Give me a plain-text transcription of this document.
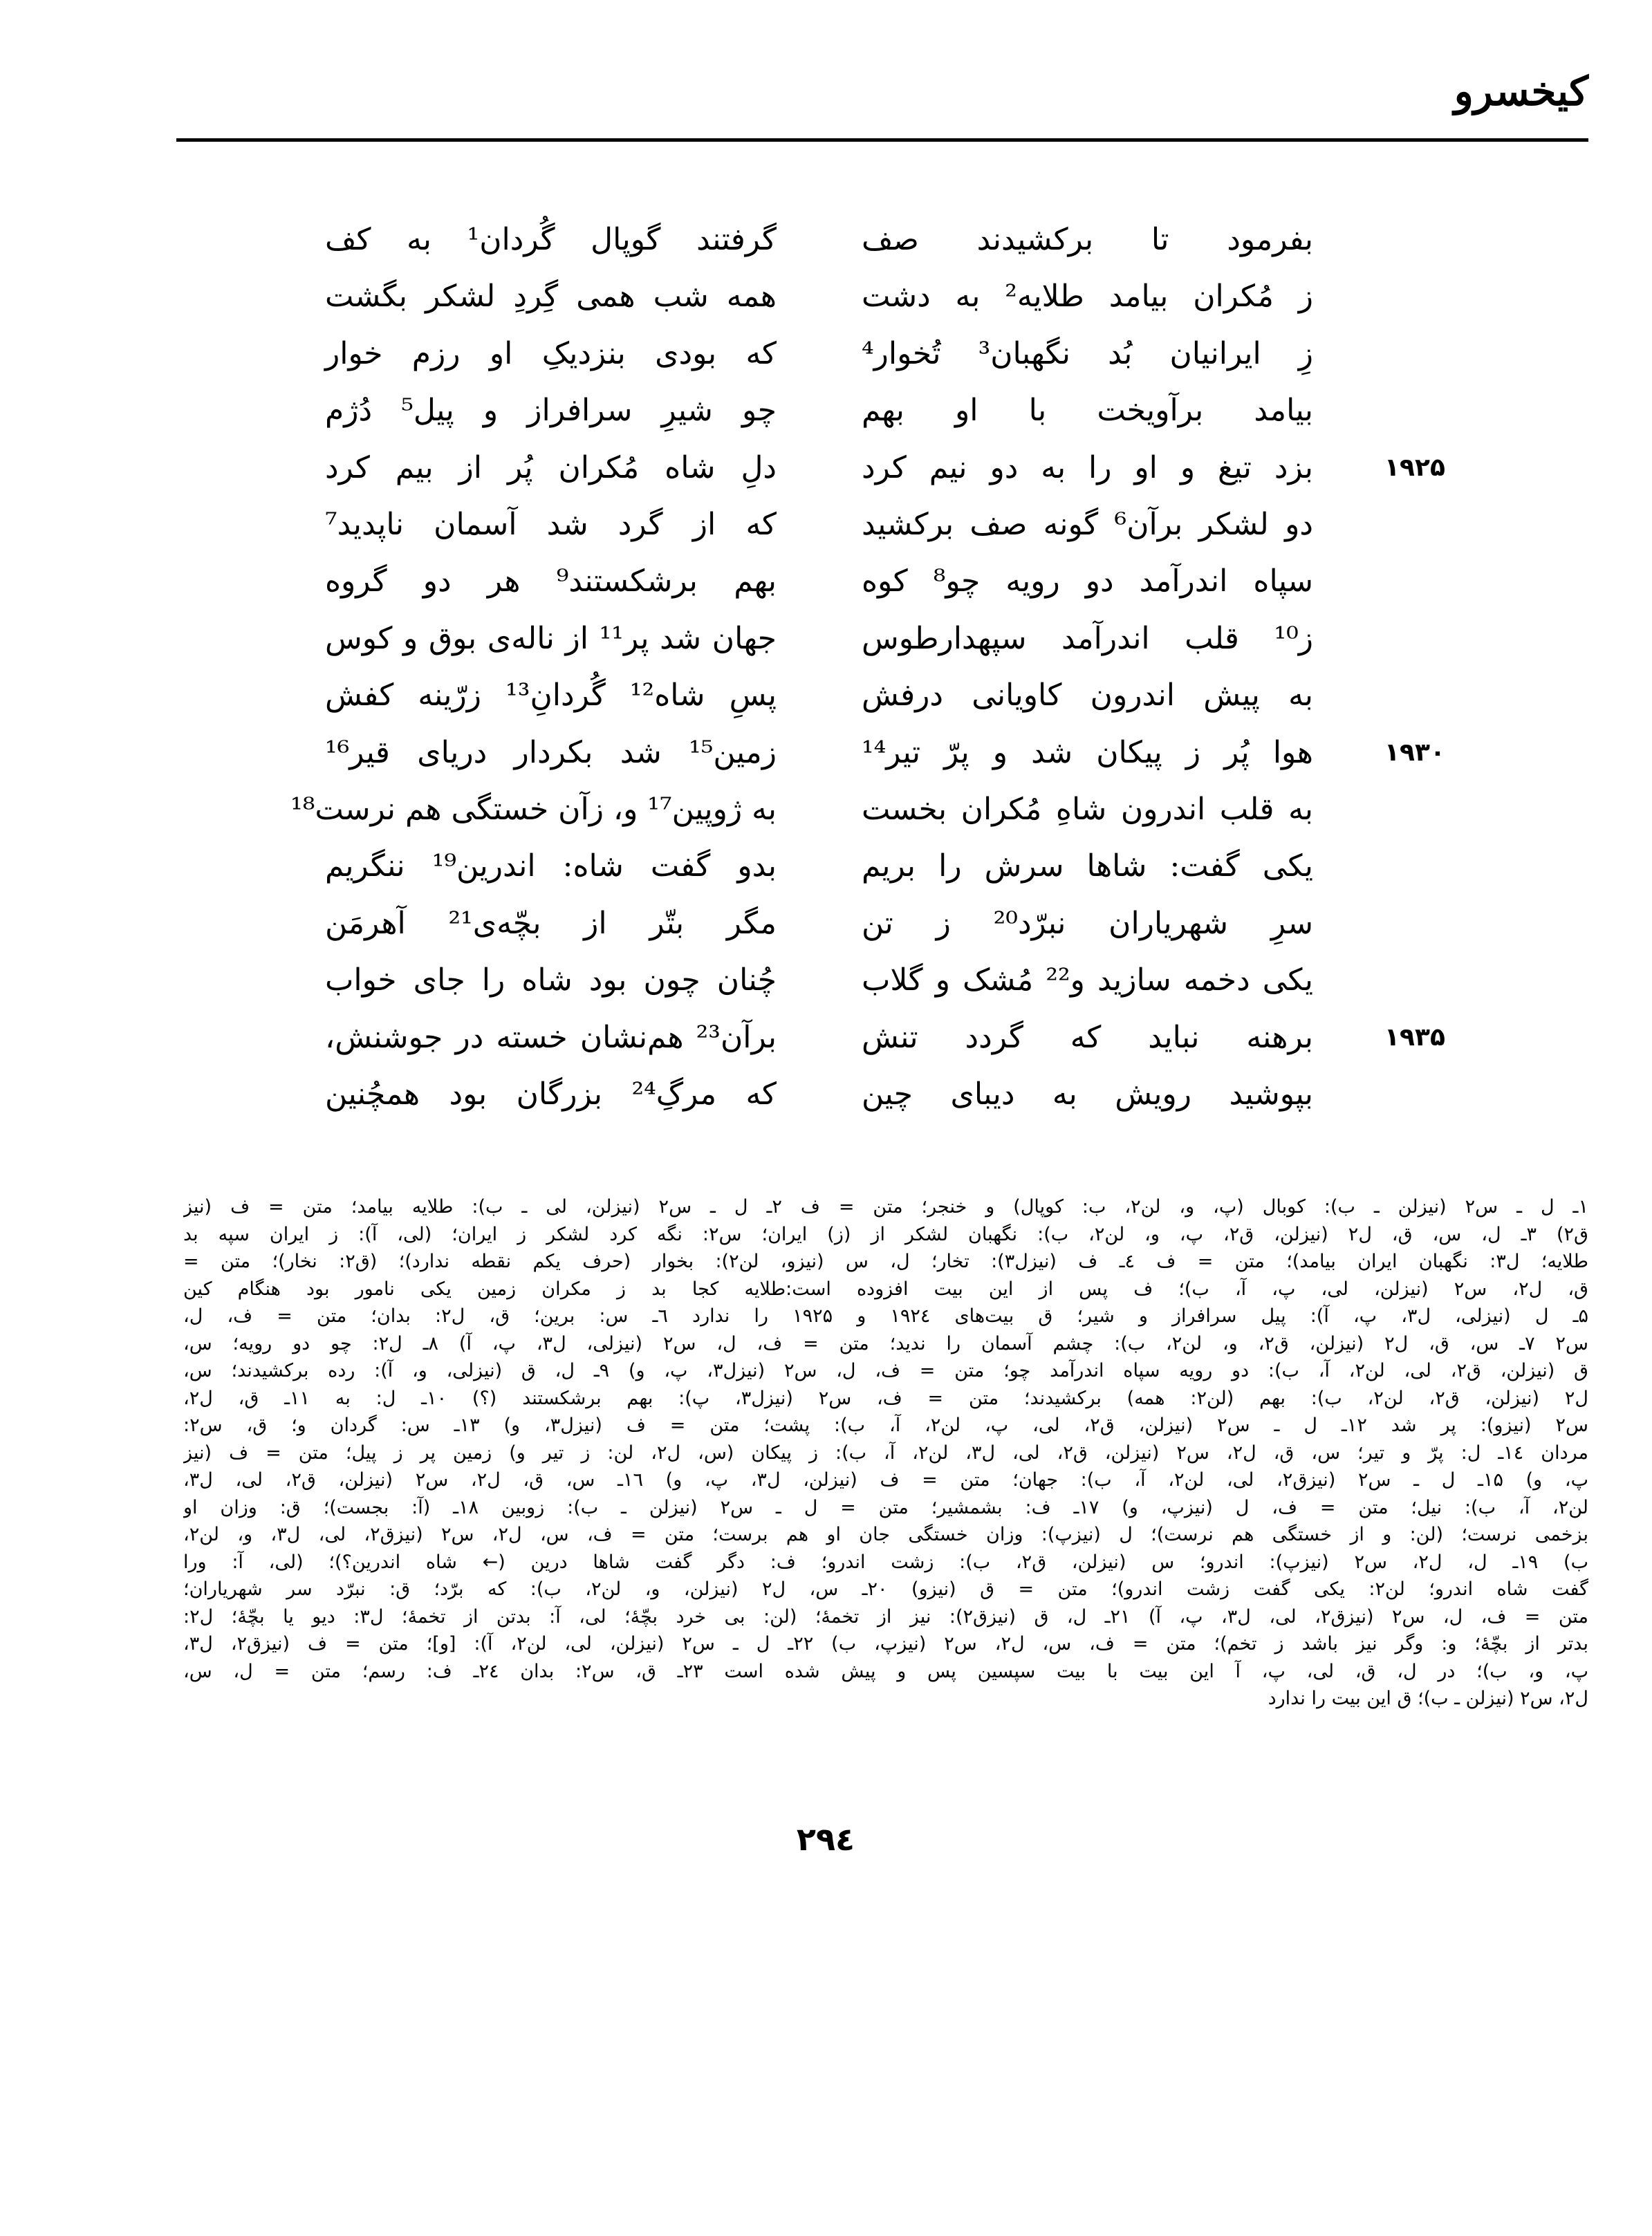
کیخسرو
بفرمود تا برکشیدند صف
ز مُکران بیامد طلایه² به دشت
زِ ایرانیان بُد نگهبان³ تُخوار⁴
بیامد برآویخت با او بهم
بزد تیغ و او را به دو نیم کرد
دو لشکر برآن⁶ گونه صف برکشید
سپاه اندرآمد دو رویه چو⁸ کوه
ز¹⁰ قلب اندرآمد سپهدارطوس
به پیش اندرون کاویانی درفش
هوا پُر ز پیکان شد و پرّ تیر¹⁴
به قلب اندرون شاهِ مُکران بخست
یکی گفت: شاها سرش را بریم
سرِ شهریاران نبرّد²⁰ ز تن
یکی دخمه سازید و²² مُشک و گلاب
برهنه نباید که گردد تنش
بپوشید رویش به دیبای چین
گرفتند گوپال گُردان¹ به کف
همه شب همی گِردِ لشکر بگشت
که بودی بنزدیکِ او رزم خوار
چو شیرِ سرافراز و پیل⁵ دُژم
دلِ شاه مُکران پُر از بیم کرد
که از گرد شد آسمان ناپدید⁷
بهم برشکستند⁹ هر دو گروه
جهان شد پر¹¹ از ناله‌ی بوق و کوس
پسِ شاه¹² گُردانِ¹³ زرّینه کفش
زمین¹⁵ شد بکردار دریای قیر¹⁶
به ژوپین¹⁷ و، زآن خستگی هم نرست¹⁸
بدو گفت شاه: اندرین¹⁹ ننگریم
مگر بتّر از بچّه‌ی²¹ آهرمَن
چُنان چون بود شاه را جای خواب
برآن²³ هم‌نشان خسته در جوشنش،
که مرگِ²⁴ بزرگان بود همچُنین
۱۹۲۵
۱۹۳۰
۱۹۳۵
۱ـ ل ـ س۲ (نیزلن ـ ب): کوبال (پ، و، لن۲، ب: کوپال) و خنجر؛ متن = ف ۲ـ ل ـ س۲ (نیزلن، لی ـ ب): طلایه بیامد؛ متن = ف (نیز
ق۲) ۳ـ ل، س، ق، ل۲ (نیزلن، ق۲، پ، و، لن۲، ب): نگهبان لشکر از (ز) ایران؛ س۲: نگه کرد لشکر ز ایران؛ (لی، آ): ز ایران سپه بد
طلایه؛ ل۳: نگهبان ایران بیامد)؛ متن = ف ٤ـ ف (نیزل۳): تخار؛ ل، س (نیزو، لن۲): بخوار (حرف یکم نقطه ندارد)؛ (ق۲: نخار)؛ متن =
ق، ل۲، س۲ (نیزلن، لی، پ، آ، ب)؛ ف پس از این بیت افزوده است:طلایه کجا بد ز مکران زمین یکی نامور بود هنگام کین
۵ـ ل (نیزلی، ل۳، پ، آ): پیل سرافراز و شیر؛ ق بیت‌های ۱۹۲٤ و ۱۹۲۵ را ندارد ٦ـ س: برین؛ ق، ل۲: بدان؛ متن = ف، ل،
س۲ ۷ـ س، ق، ل۲ (نیزلن، ق۲، و، لن۲، ب): چشم آسمان را ندید؛ متن = ف، ل، س۲ (نیزلی، ل۳، پ، آ) ۸ـ ل۲: چو دو رویه؛ س،
ق (نیزلن، ق۲، لی، لن۲، آ، ب): دو رویه سپاه اندرآمد چو؛ متن = ف، ل، س۲ (نیزل۳، پ، و) ۹ـ ل، ق (نیزلی، و، آ): رده برکشیدند؛ س،
ل۲ (نیزلن، ق۲، لن۲، ب): بهم (لن۲: همه) برکشیدند؛ متن = ف، س۲ (نیزل۳، پ): بهم برشکستند (؟) ۱۰ـ ل: به ۱۱ـ ق، ل۲،
س۲ (نیزو): پر شد ۱۲ـ ل ـ س۲ (نیزلن، ق۲، لی، پ، لن۲، آ، ب): پشت؛ متن = ف (نیزل۳، و) ۱۳ـ س: گردان و؛ ق، س۲:
مردان ۱٤ـ ل: پرّ و تیر؛ س، ق، ل۲، س۲ (نیزلن، ق۲، لی، ل۳، لن۲، آ، ب): ز پیکان (س، ل۲، لن: ز تیر و) زمین پر ز پیل؛ متن = ف (نیز
پ، و) ۱۵ـ ل ـ س۲ (نیزق۲، لی، لن۲، آ، ب): جهان؛ متن = ف (نیزلن، ل۳، پ، و) ۱٦ـ س، ق، ل۲، س۲ (نیزلن، ق۲، لی، ل۳،
لن۲، آ، ب): نیل؛ متن = ف، ل (نیزپ، و) ۱۷ـ ف: بشمشیر؛ متن = ل ـ س۲ (نیزلن ـ ب): زوبین ۱۸ـ (آ: بجست)؛ ق: وزان او
بزخمی نرست؛ (لن: و از خستگی هم نرست)؛ ل (نیزپ): وزان خستگی جان او هم برست؛ متن = ف، س، ل۲، س۲ (نیزق۲، لی، ل۳، و، لن۲،
ب) ۱۹ـ ل، ل۲، س۲ (نیزپ): اندرو؛ س (نیزلن، ق۲، ب): زشت اندرو؛ ف: دگر گفت شاها درین (← شاه اندرین؟)؛ (لی، آ: ورا
گفت شاه اندرو؛ لن۲: یکی گفت زشت اندرو)؛ متن = ق (نیزو) ۲۰ـ س، ل۲ (نیزلن، و، لن۲، ب): که برّد؛ ق: نبرّد سر شهریاران؛
متن = ف، ل، س۲ (نیزق۲، لی، ل۳، پ، آ) ۲۱ـ ل، ق (نیزق۲): نیز از تخمهٔ؛ (لن: بی خرد بچّهٔ؛ لی، آ: بدتن از تخمهٔ؛ ل۳: دیو یا بچّهٔ؛ ل۲:
بدتر از بچّهٔ؛ و: وگر نیز باشد ز تخم)؛ متن = ف، س، ل۲، س۲ (نیزپ، ب) ۲۲ـ ل ـ س۲ (نیزلن، لی، لن۲، آ): [و]؛ متن = ف (نیزق۲، ل۳،
پ، و، ب)؛ در ل، ق، لی، پ، آ این بیت با بیت سپسین پس و پیش شده است ۲۳ـ ق، س۲: بدان ۲٤ـ ف: رسم؛ متن = ل، س،
ل۲، س۲ (نیزلن ـ ب)؛ ق این بیت را ندارد
۲۹٤
